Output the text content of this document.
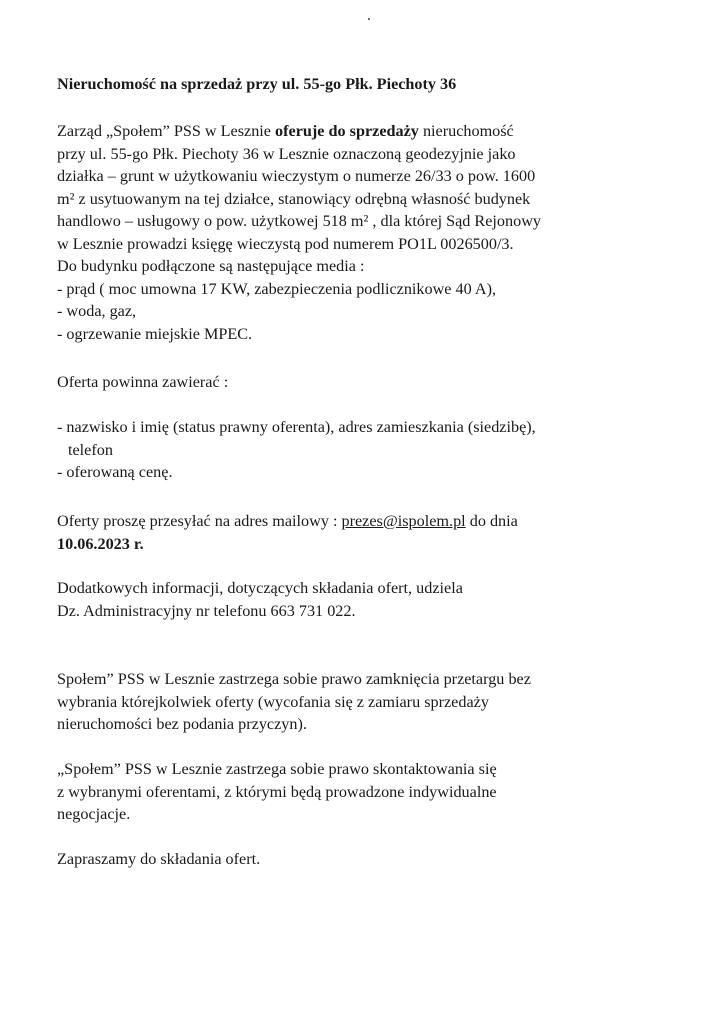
Nieruchomość na sprzedaż przy ul. 55-go Płk. Piechoty 36

Zarząd „Społem” PSS w Lesznie oferuje do sprzedaży nieruchomość
przy ul. 55-go Płk. Piechoty 36 w Lesznie oznaczoną geodezyjnie jako
działka – grunt w użytkowaniu wieczystym o numerze 26/33 o pow. 1600
m² z usytuowanym na tej działce, stanowiący odrębną własność budynek
handlowo – usługowy o pow. użytkowej 518 m² , dla której Sąd Rejonowy
w Lesznie prowadzi księgę wieczystą pod numerem PO1L 0026500/3.
Do budynku podłączone są następujące media :
- prąd ( moc umowna 17 KW, zabezpieczenia podlicznikowe 40 A),
- woda, gaz,
- ogrzewanie miejskie MPEC.
Oferta powinna zawierać :
- nazwisko i imię (status prawny oferenta), adres zamieszkania (siedzibę),
telefon
- oferowaną cenę.
Oferty proszę przesyłać na adres mailowy : prezes@ispolem.pl do dnia
10.06.2023 r.
Dodatkowych informacji, dotyczących składania ofert, udziela
Dz. Administracyjny nr telefonu 663 731 022.
Społem” PSS w Lesznie zastrzega sobie prawo zamknięcia przetargu bez
wybrania którejkolwiek oferty (wycofania się z zamiaru sprzedaży
nieruchomości bez podania przyczyn).
„Społem” PSS w Lesznie zastrzega sobie prawo skontaktowania się
z wybranymi oferentami, z którymi będą prowadzone indywidualne
negocjacje.
Zapraszamy do składania ofert.
